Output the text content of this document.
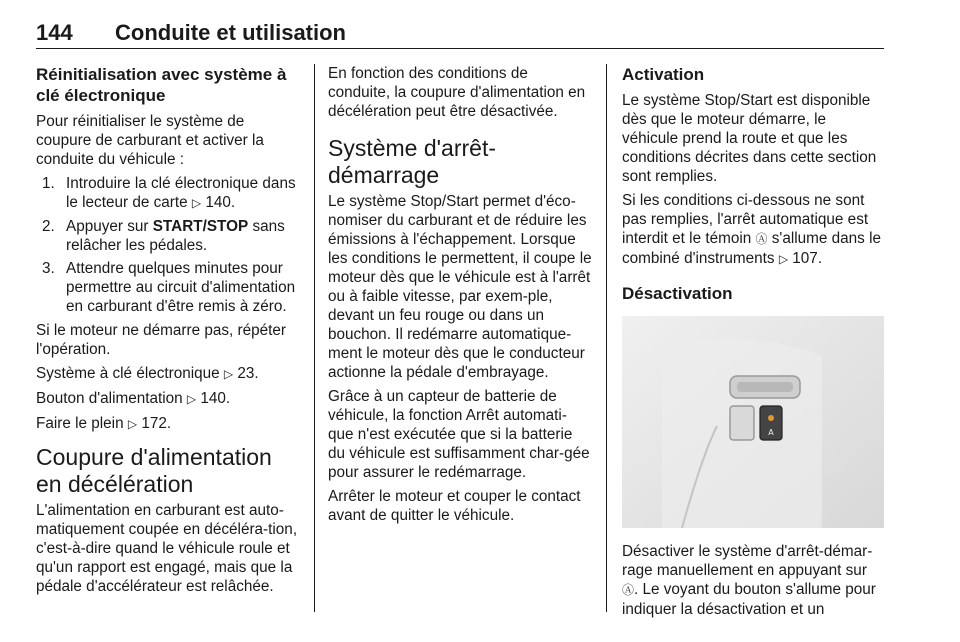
144	Conduite et utilisation
Réinitialisation avec système à clé électronique

Pour réinitialiser le système de coupure de carburant et activer la conduite du véhicule :

1. Introduire la clé électronique dans le lecteur de carte ▷ 140.
2. Appuyer sur START/STOP sans relâcher les pédales.
3. Attendre quelques minutes pour permettre au circuit d'alimentation en carburant d'être remis à zéro.

Si le moteur ne démarre pas, répéter l'opération.

Système à clé électronique ▷ 23.

Bouton d'alimentation ▷ 140.

Faire le plein ▷ 172.

Coupure d'alimentation en décélération

L'alimentation en carburant est auto-matiquement coupée en décéléra-tion, c'est-à-dire quand le véhicule roule et qu'un rapport est engagé, mais que la pédale d'accélérateur est relâchée.

En fonction des conditions de conduite, la coupure d'alimentation en décélération peut être désactivée.

Système d'arrêt-démarrage

Le système Stop/Start permet d'éco-nomiser du carburant et de réduire les émissions à l'échappement. Lorsque les conditions le permettent, il coupe le moteur dès que le véhicule est à l'arrêt ou à faible vitesse, par exem-ple, devant un feu rouge ou dans un bouchon. Il redémarre automatique-ment le moteur dès que le conducteur actionne la pédale d'embrayage.

Grâce à un capteur de batterie de véhicule, la fonction Arrêt automati-que n'est exécutée que si la batterie du véhicule est suffisamment char-gée pour assurer le redémarrage.

Arrêter le moteur et couper le contact avant de quitter le véhicule.

Activation

Le système Stop/Start est disponible dès que le moteur démarre, le véhicule prend la route et que les conditions décrites dans cette section sont remplies.

Si les conditions ci-dessous ne sont pas remplies, l'arrêt automatique est interdit et le témoin Ⓐ s'allume dans le combiné d'instruments ▷ 107.

Désactivation
A

Désactiver le système d'arrêt-démar-rage manuellement en appuyant sur Ⓐ. Le voyant du bouton s'allume pour indiquer la désactivation et un
